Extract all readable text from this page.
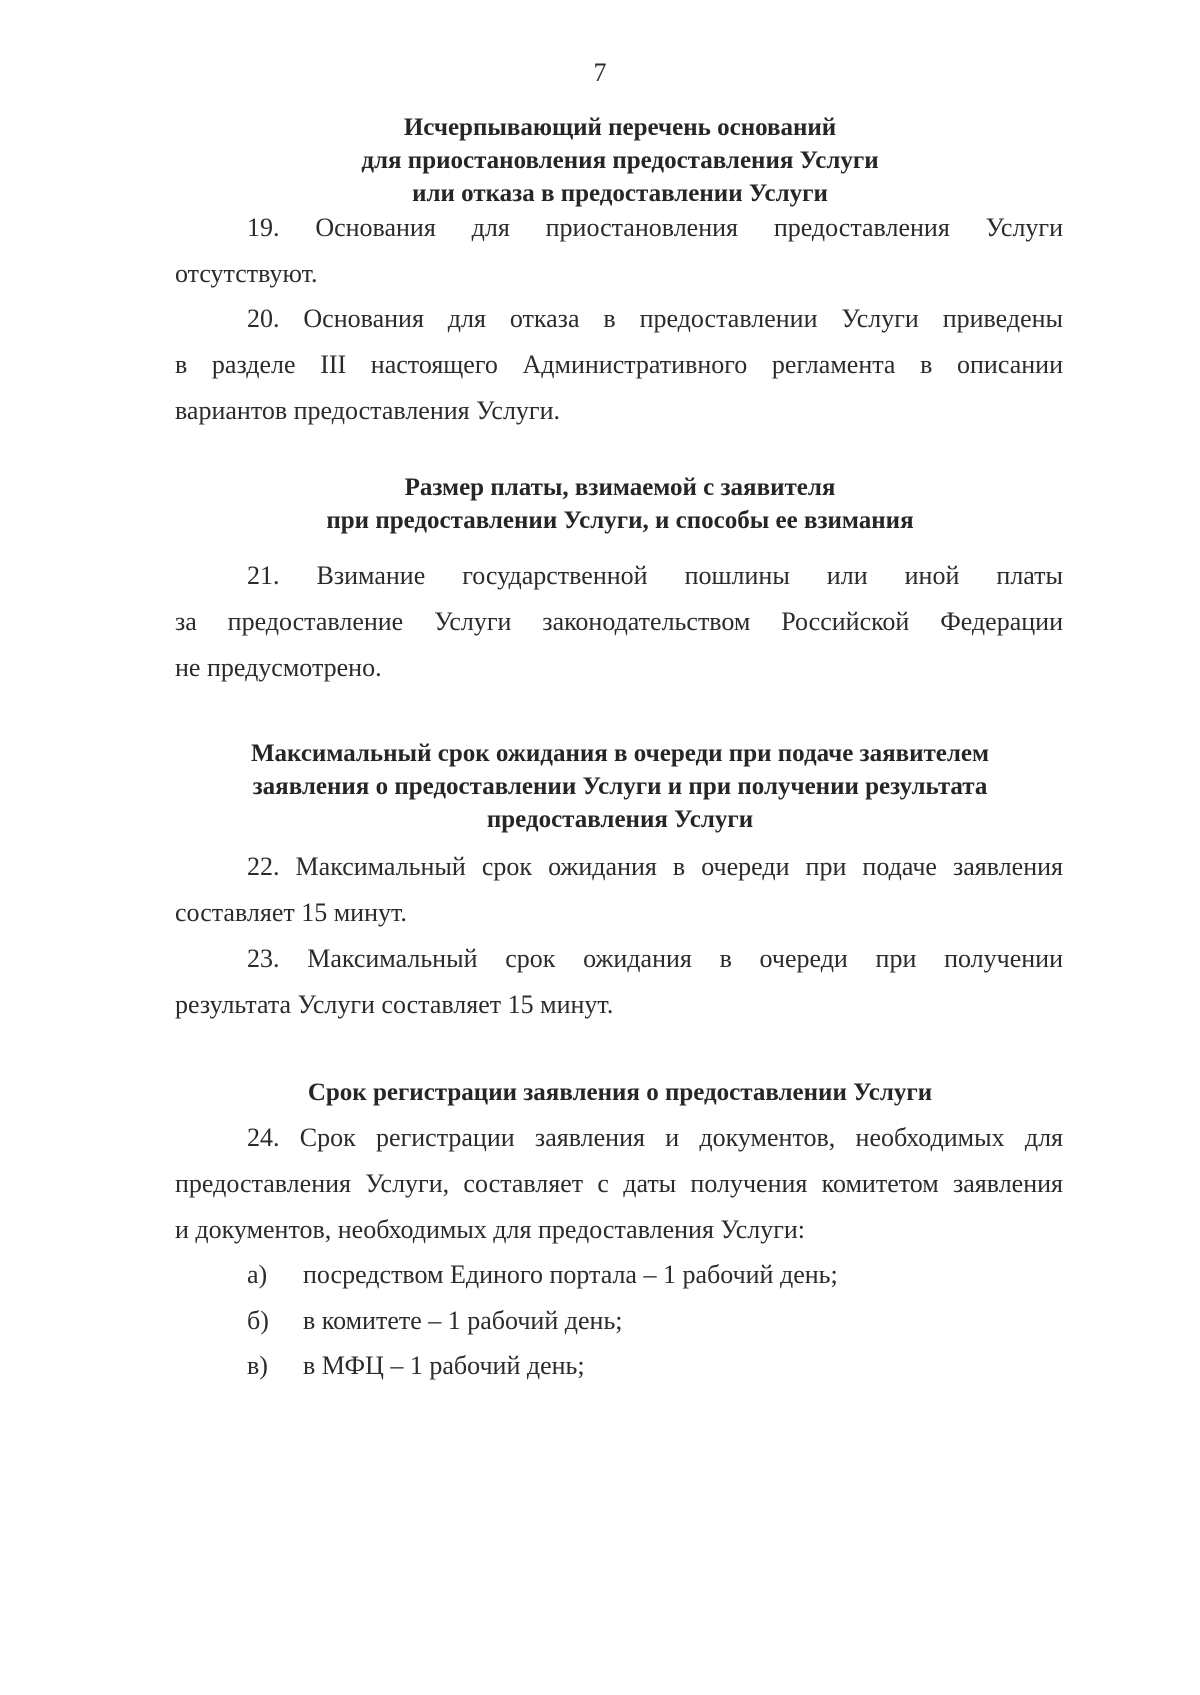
7
Исчерпывающий перечень оснований
для приостановления предоставления Услуги
или отказа в предоставлении Услуги
19. Основания для приостановления предоставления Услуги
отсутствуют.
20. Основания для отказа в предоставлении Услуги приведены
в разделе III настоящего Административного регламента в описании
вариантов предоставления Услуги.
Размер платы, взимаемой с заявителя
при предоставлении Услуги, и способы ее взимания
21. Взимание государственной пошлины или иной платы
за предоставление Услуги законодательством Российской Федерации
не предусмотрено.
Максимальный срок ожидания в очереди при подаче заявителем
заявления о предоставлении Услуги и при получении результата
предоставления Услуги
22. Максимальный срок ожидания в очереди при подаче заявления
составляет 15 минут.
23. Максимальный срок ожидания в очереди при получении
результата Услуги составляет 15 минут.
Срок регистрации заявления о предоставлении Услуги
24. Срок регистрации заявления и документов, необходимых для
предоставления Услуги, составляет с даты получения комитетом заявления
и документов, необходимых для предоставления Услуги:
а) посредством Единого портала – 1 рабочий день;
б) в комитете – 1 рабочий день;
в) в МФЦ – 1 рабочий день;
